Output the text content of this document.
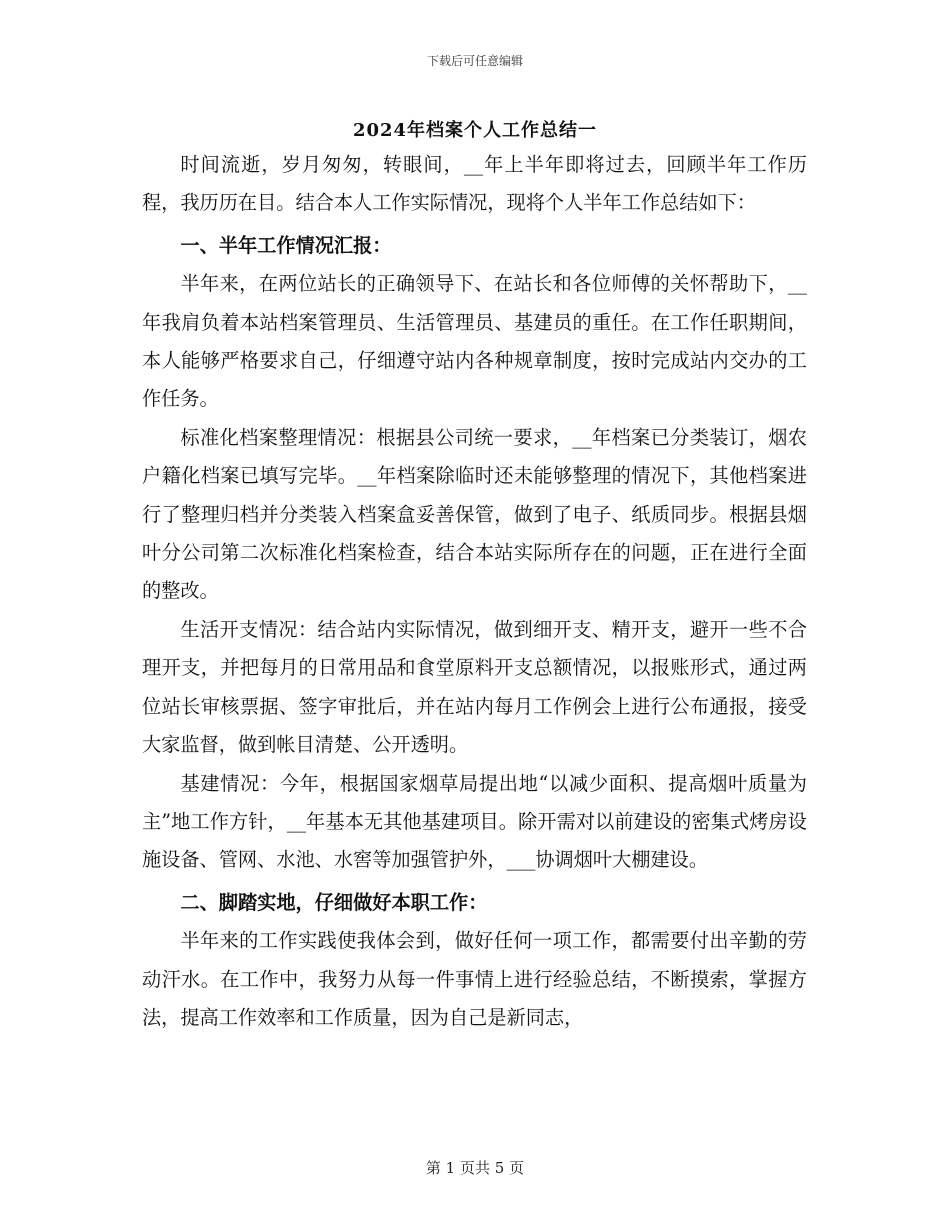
下载后可任意编辑
2024年档案个人工作总结一

时间流逝，岁月匆匆，转眼间，__年上半年即将过去，回顾半年工作历程，我历历在目。结合本人工作实际情况，现将个人半年工作总结如下：

一、半年工作情况汇报：

半年来，在两位站长的正确领导下、在站长和各位师傅的关怀帮助下，__年我肩负着本站档案管理员、生活管理员、基建员的重任。在工作任职期间，本人能够严格要求自己，仔细遵守站内各种规章制度，按时完成站内交办的工作任务。

标准化档案整理情况：根据县公司统一要求，__年档案已分类装订，烟农户籍化档案已填写完毕。__年档案除临时还未能够整理的情况下，其他档案进行了整理归档并分类装入档案盒妥善保管，做到了电子、纸质同步。根据县烟叶分公司第二次标准化档案检查，结合本站实际所存在的问题，正在进行全面的整改。

生活开支情况：结合站内实际情况，做到细开支、精开支，避开一些不合理开支，并把每月的日常用品和食堂原料开支总额情况，以报账形式，通过两位站长审核票据、签字审批后，并在站内每月工作例会上进行公布通报，接受大家监督，做到帐目清楚、公开透明。

基建情况：今年，根据国家烟草局提出地“以减少面积、提高烟叶质量为主”地工作方针，__年基本无其他基建项目。除开需对以前建设的密集式烤房设施设备、管网、水池、水窖等加强管护外，___协调烟叶大棚建设。

二、脚踏实地，仔细做好本职工作：

半年来的工作实践使我体会到，做好任何一项工作，都需要付出辛勤的劳动汗水。在工作中，我努力从每一件事情上进行经验总结，不断摸索，掌握方法，提高工作效率和工作质量，因为自己是新同志，

第 1 页共 5 页
